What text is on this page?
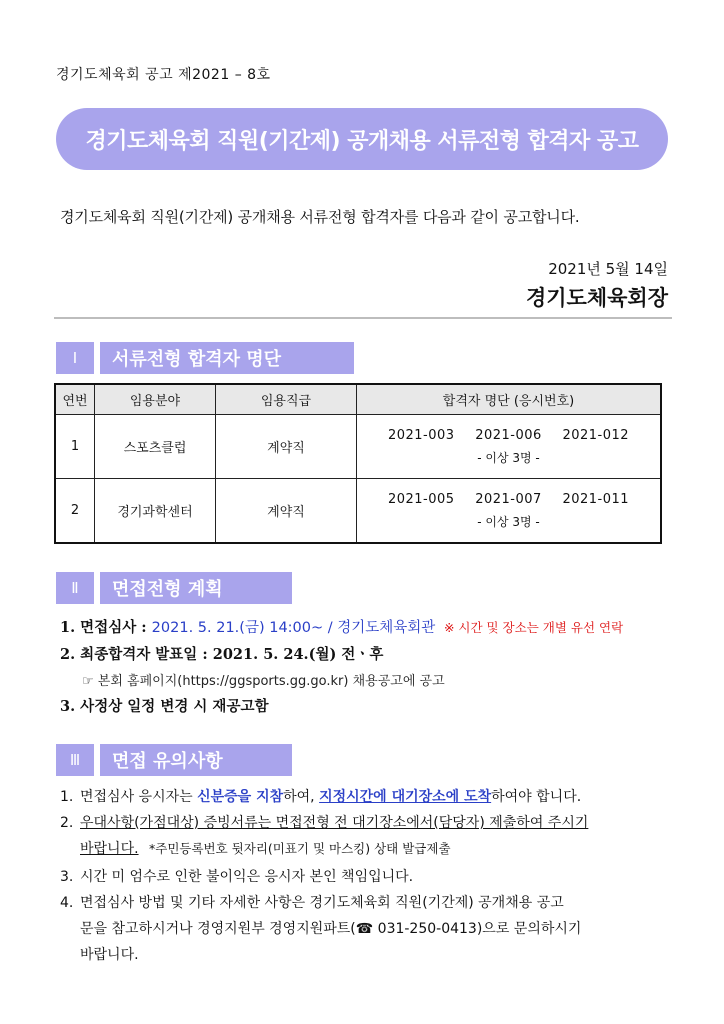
경기도체육회 공고 제2021 – 8호
경기도체육회 직원(기간제) 공개채용 서류전형 합격자 공고
경기도체육회 직원(기간제) 공개채용 서류전형 합격자를 다음과 같이 공고합니다.
2021년 5월 14일
경기도체육회장
Ⅰ	서류전형 합격자 명단
연번	임용분야	임용직급	합격자 명단 (응시번호)
1	스포츠클럽	계약직	2021-003 2021-006 2021-012
- 이상 3명 -

2	경기과학센터	계약직	2021-005 2021-007 2021-011
- 이상 3명 -
Ⅱ	면접전형 계획
1. 면접심사 : 2021. 5. 21.(금) 14:00~ / 경기도체육회관 ※ 시간 및 장소는 개별 유선 연락
2. 최종합격자 발표일 : 2021. 5. 24.(월) 전ㆍ후
☞ 본회 홈페이지(https://ggsports.gg.go.kr) 채용공고에 공고
3. 사정상 일정 변경 시 재공고함
Ⅲ	면접 유의사항
1. 면접심사 응시자는 신분증을 지참하여, 지정시간에 대기장소에 도착하여야 합니다.
2. 우대사항(가점대상) 증빙서류는 면접전형 전 대기장소에서(담당자) 제출하여 주시기
바랍니다. *주민등록번호 뒷자리(미표기 및 마스킹) 상태 발급제출
3. 시간 미 엄수로 인한 불이익은 응시자 본인 책임입니다.
4. 면접심사 방법 및 기타 자세한 사항은 경기도체육회 직원(기간제) 공개채용 공고
문을 참고하시거나 경영지원부 경영지원파트(☎ 031-250-0413)으로 문의하시기
바랍니다.
